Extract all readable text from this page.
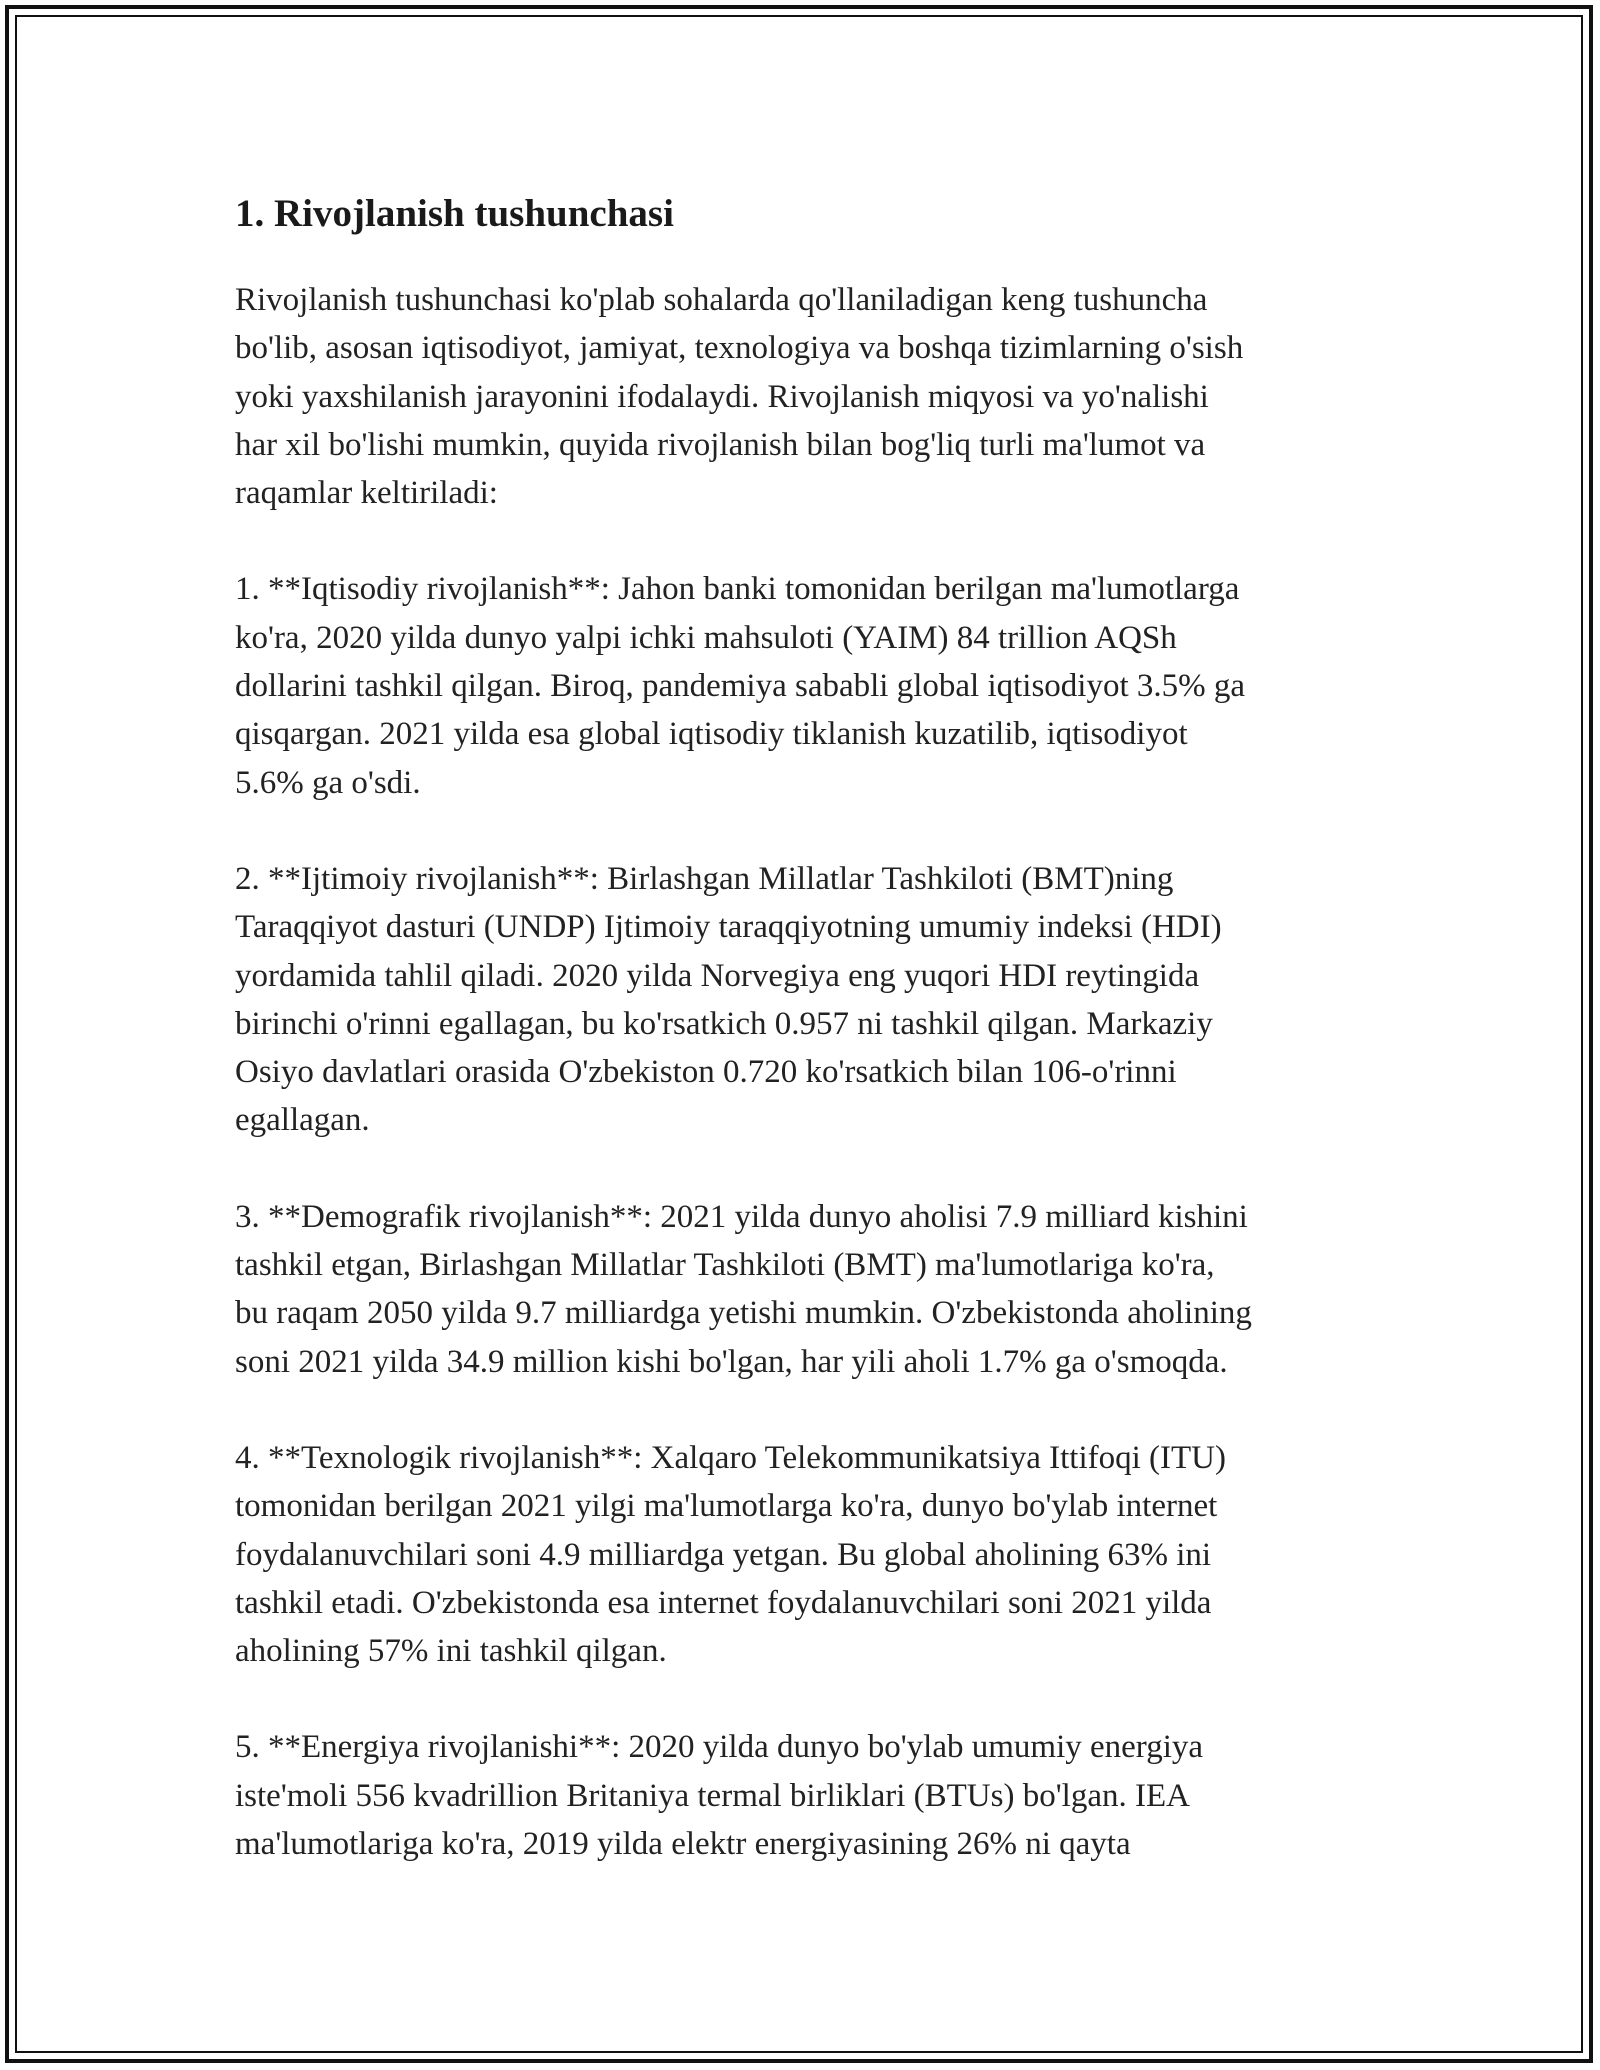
1. Rivojlanish tushunchasi

Rivojlanish tushunchasi ko'plab sohalarda qo'llaniladigan keng tushuncha
bo'lib, asosan iqtisodiyot, jamiyat, texnologiya va boshqa tizimlarning o'sish
yoki yaxshilanish jarayonini ifodalaydi. Rivojlanish miqyosi va yo'nalishi
har xil bo'lishi mumkin, quyida rivojlanish bilan bog'liq turli ma'lumot va
raqamlar keltiriladi:

1. **Iqtisodiy rivojlanish**: Jahon banki tomonidan berilgan ma'lumotlarga
ko'ra, 2020 yilda dunyo yalpi ichki mahsuloti (YAIM) 84 trillion AQSh
dollarini tashkil qilgan. Biroq, pandemiya sababli global iqtisodiyot 3.5% ga
qisqargan. 2021 yilda esa global iqtisodiy tiklanish kuzatilib, iqtisodiyot
5.6% ga o'sdi.

2. **Ijtimoiy rivojlanish**: Birlashgan Millatlar Tashkiloti (BMT)ning
Taraqqiyot dasturi (UNDP) Ijtimoiy taraqqiyotning umumiy indeksi (HDI)
yordamida tahlil qiladi. 2020 yilda Norvegiya eng yuqori HDI reytingida
birinchi o'rinni egallagan, bu ko'rsatkich 0.957 ni tashkil qilgan. Markaziy
Osiyo davlatlari orasida O'zbekiston 0.720 ko'rsatkich bilan 106-o'rinni
egallagan.

3. **Demografik rivojlanish**: 2021 yilda dunyo aholisi 7.9 milliard kishini
tashkil etgan, Birlashgan Millatlar Tashkiloti (BMT) ma'lumotlariga ko'ra,
bu raqam 2050 yilda 9.7 milliardga yetishi mumkin. O'zbekistonda aholining
soni 2021 yilda 34.9 million kishi bo'lgan, har yili aholi 1.7% ga o'smoqda.

4. **Texnologik rivojlanish**: Xalqaro Telekommunikatsiya Ittifoqi (ITU)
tomonidan berilgan 2021 yilgi ma'lumotlarga ko'ra, dunyo bo'ylab internet
foydalanuvchilari soni 4.9 milliardga yetgan. Bu global aholining 63% ini
tashkil etadi. O'zbekistonda esa internet foydalanuvchilari soni 2021 yilda
aholining 57% ini tashkil qilgan.

5. **Energiya rivojlanishi**: 2020 yilda dunyo bo'ylab umumiy energiya
iste'moli 556 kvadrillion Britaniya termal birliklari (BTUs) bo'lgan. IEA
ma'lumotlariga ko'ra, 2019 yilda elektr energiyasining 26% ni qayta
